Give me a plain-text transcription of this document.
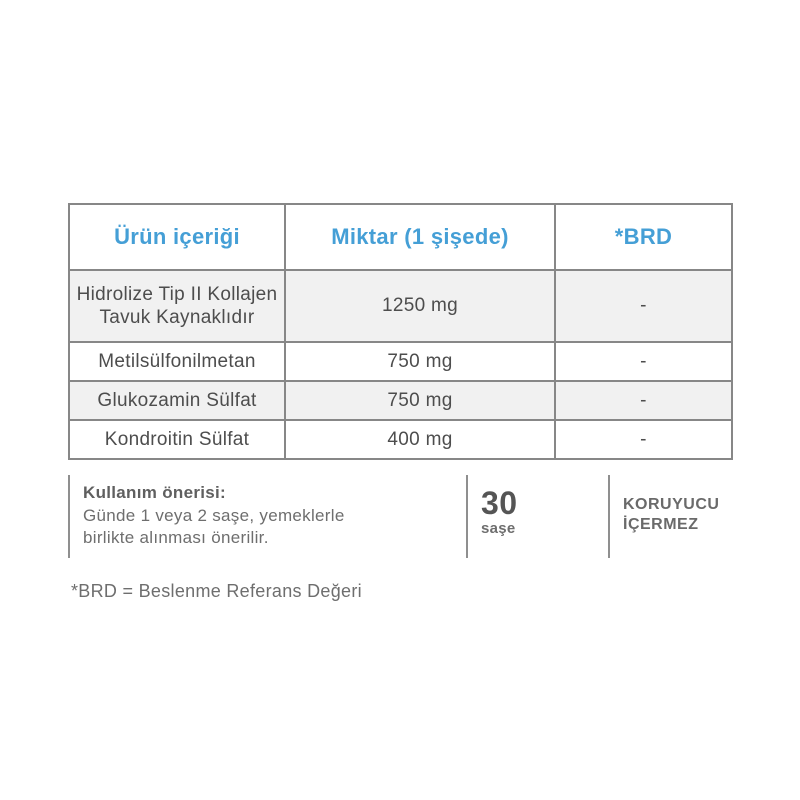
Ürün içeriği	Miktar (1 şişede)	*BRD
Hidrolize Tip II Kollajen Tavuk Kaynaklıdır	1250 mg	-
Metilsülfonilmetan	750 mg	-
Glukozamin Sülfat	750 mg	-
Kondroitin Sülfat	400 mg	-
Kullanım önerisi:
Günde 1 veya 2 saşe, yemeklerle birlikte alınması önerilir.
30
saşe
KORUYUCU
İÇERMEZ
*BRD = Beslenme Referans Değeri
